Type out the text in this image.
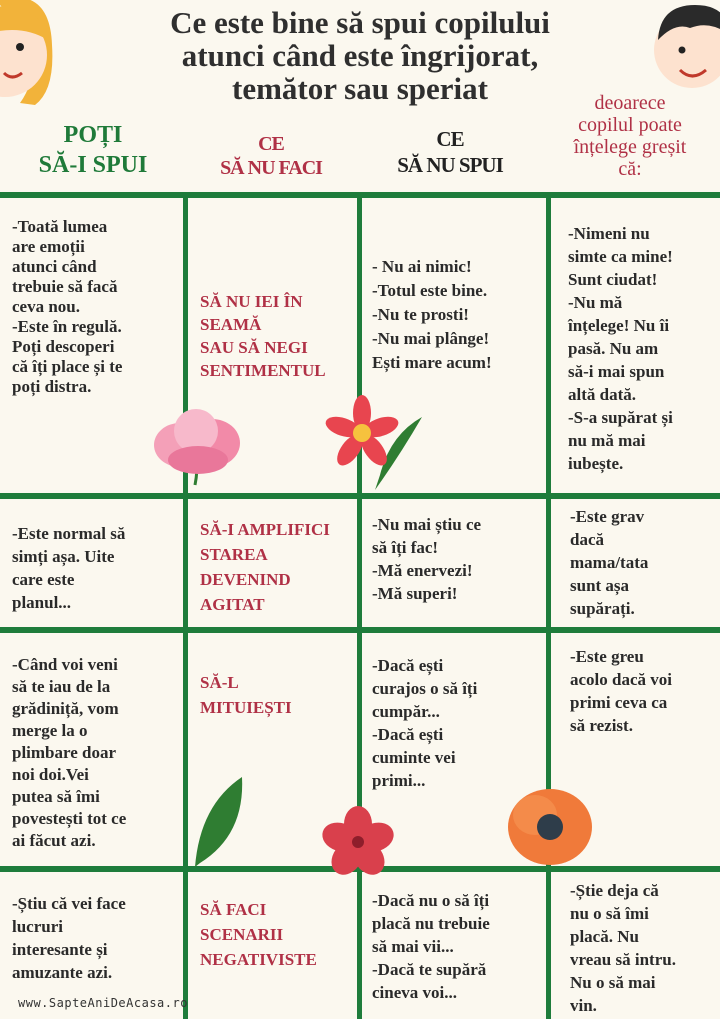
Ce este bine să spui copilului
atunci când este îngrijorat,
temător sau speriat
POȚI
SĂ-I SPUI
CE
SĂ NU FACI
CE
SĂ NU SPUI
deoarece
copilul poate
înțelege greșit
că:
-Toată lumea
are emoții
atunci când
trebuie să facă
ceva nou.
-Este în regulă.
Poți descoperi
că îți place și te
poți distra.
SĂ NU IEI ÎN
SEAMĂ
SAU SĂ NEGI
SENTIMENTUL
- Nu ai nimic!
-Totul este bine.
-Nu te prosti!
-Nu mai plânge!
Ești mare acum!
-Nimeni nu
simte ca mine!
Sunt ciudat!
-Nu mă
înțelege! Nu îi
pasă. Nu am
să-i mai spun
altă dată.
-S-a supărat și
nu mă mai
iubește.
-Este normal să
simți așa. Uite
care este
planul...
SĂ-I AMPLIFICI
STAREA
DEVENIND
AGITAT
-Nu mai știu ce
să îți fac!
-Mă enervezi!
-Mă superi!
-Este grav
dacă
mama/tata
sunt așa
supărați.
-Când voi veni
să te iau de la
grădiniță, vom
merge la o
plimbare doar
noi doi.Vei
putea să îmi
povestești tot ce
ai făcut azi.
SĂ-L
MITUIEȘTI
-Dacă ești
curajos o să îți
cumpăr...
-Dacă ești
cuminte vei
primi...
-Este greu
acolo dacă voi
primi ceva ca
să rezist.
-Știu că vei face
lucruri
interesante și
amuzante azi.
SĂ FACI
SCENARII
NEGATIVISTE
-Dacă nu o să îți
placă nu trebuie
să mai vii...
-Dacă te supără
cineva voi...
-Știe deja că
nu o să îmi
placă. Nu
vreau să intru.
Nu o să mai
vin.
www.SapteAniDeAcasa.ro
